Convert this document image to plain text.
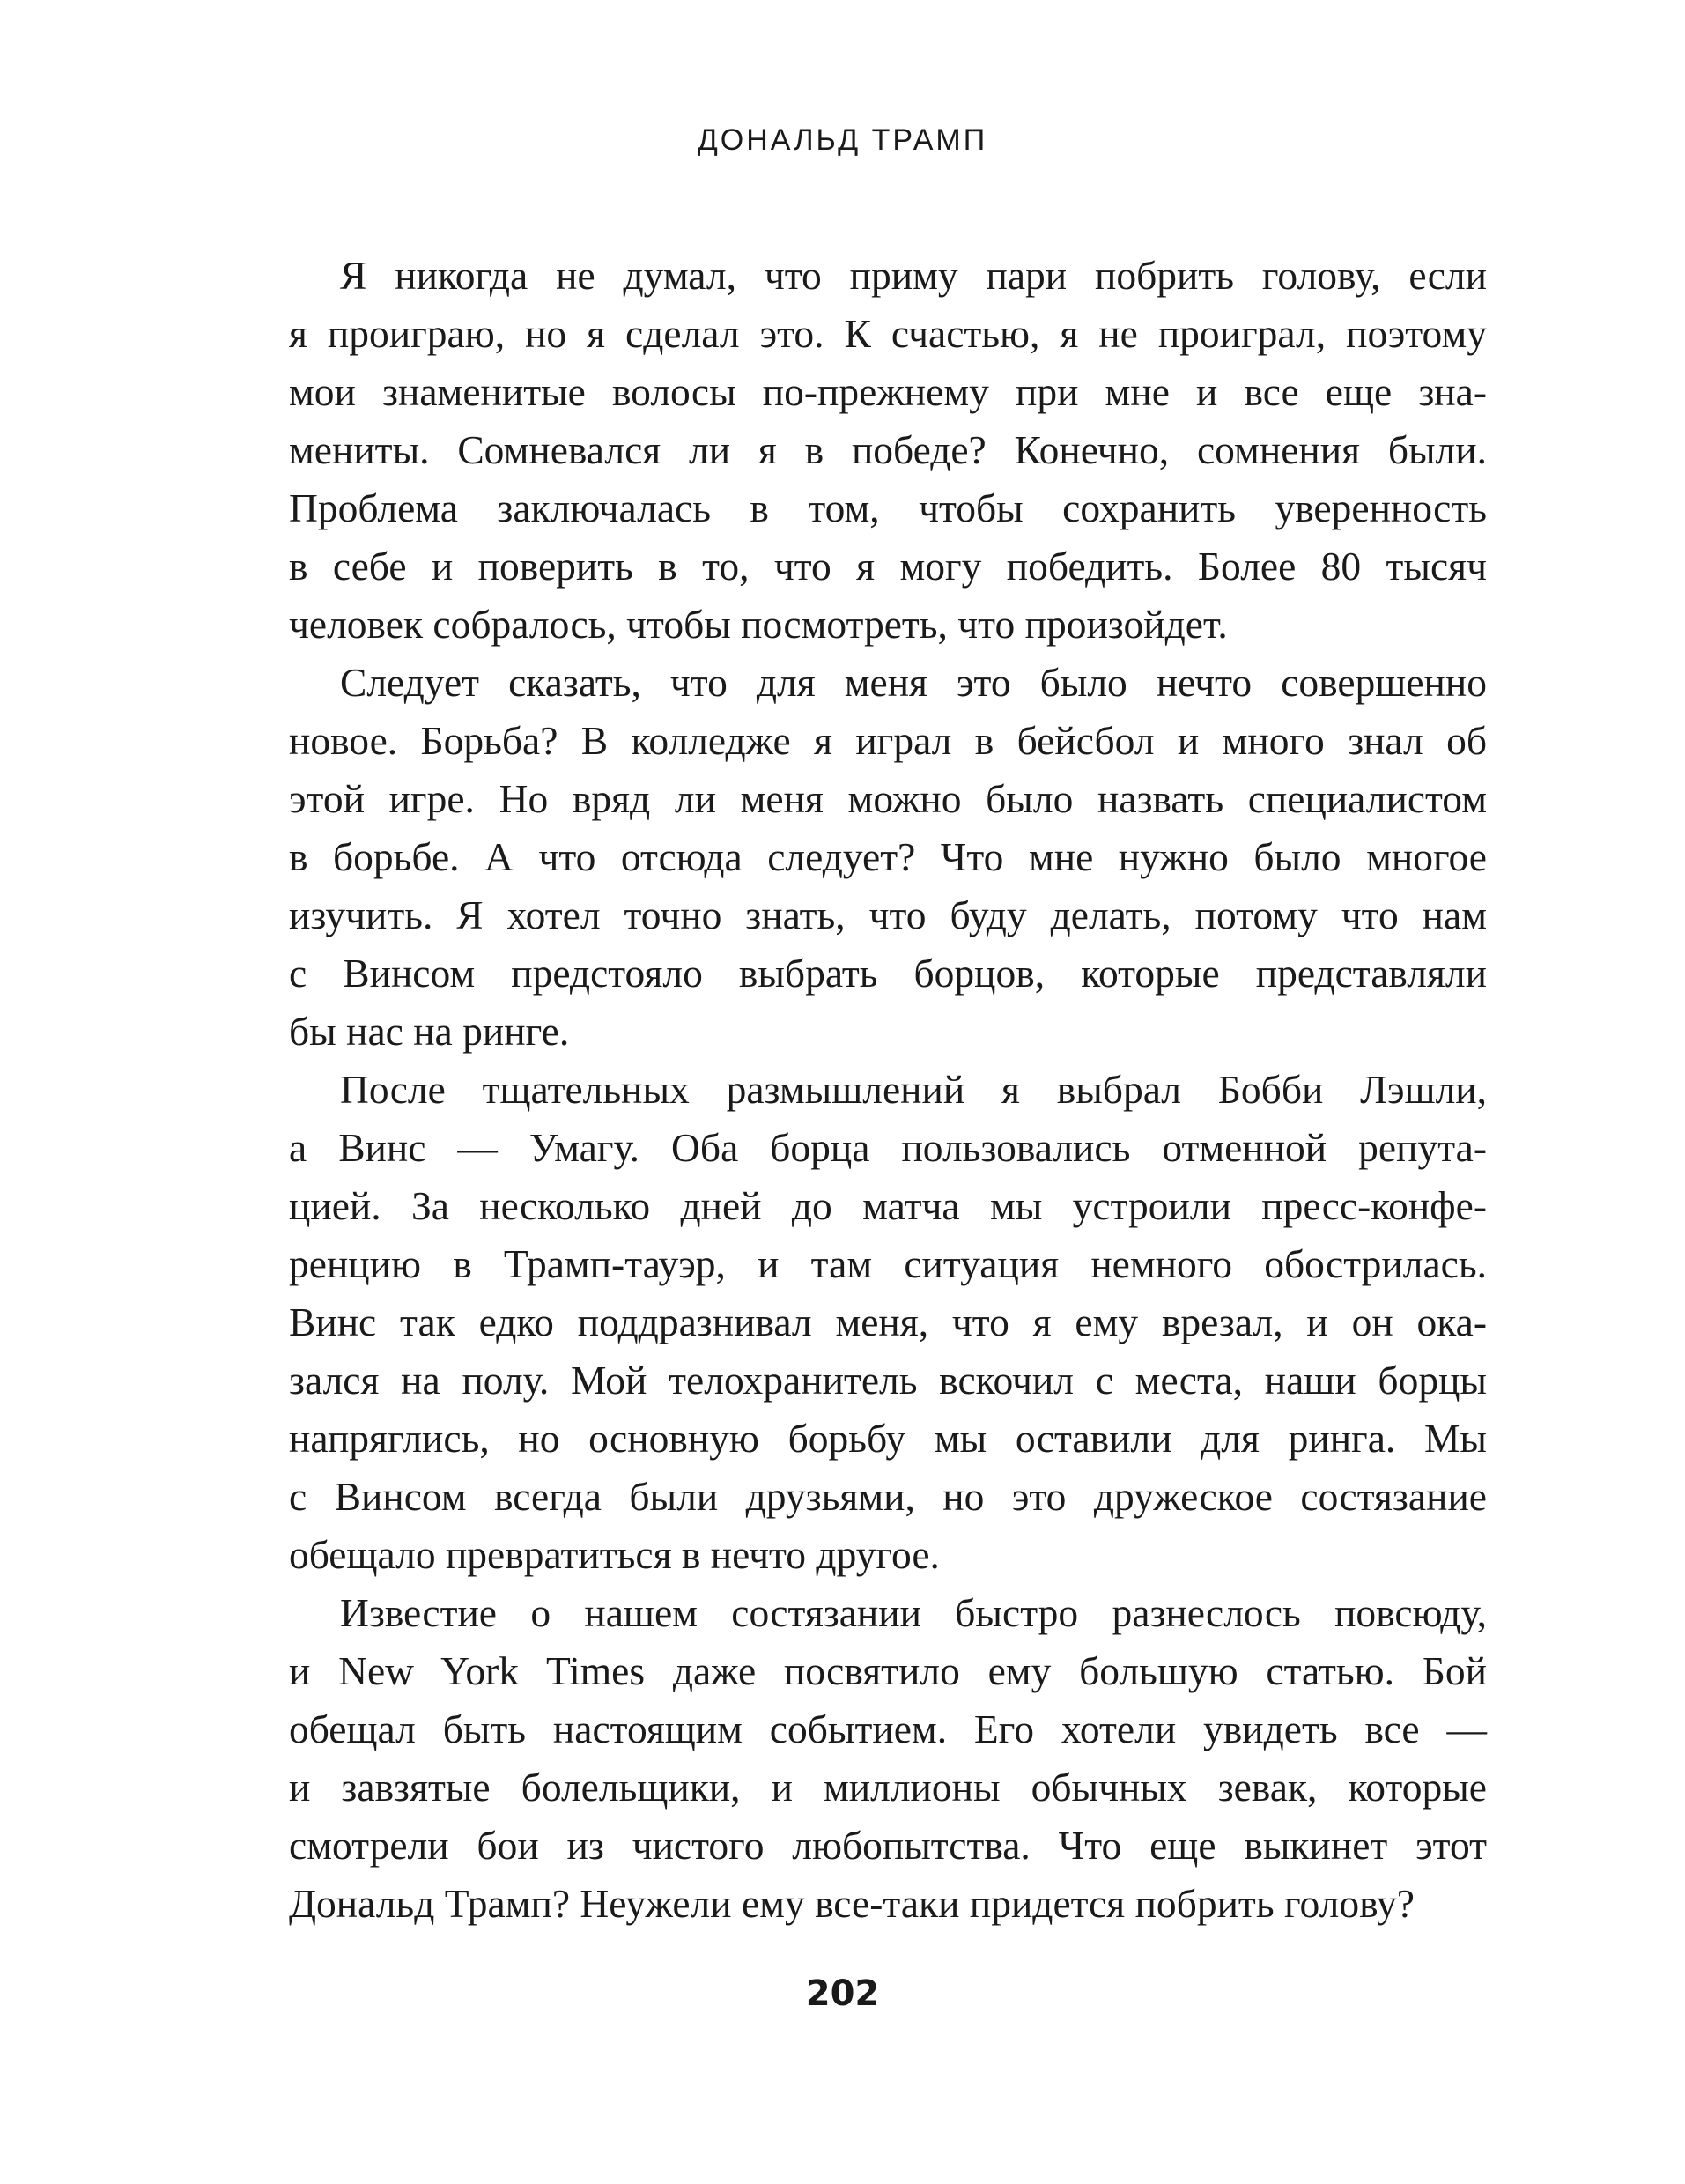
ДОНАЛЬД ТРАМП
Я никогда не думал, что приму пари побрить голову, если
я проиграю, но я сделал это. К счастью, я не проиграл, поэтому
мои знаменитые волосы по-прежнему при мне и все еще зна-
мениты. Сомневался ли я в победе? Конечно, сомнения были.
Проблема заключалась в том, чтобы сохранить уверенность
в себе и поверить в то, что я могу победить. Более 80 тысяч
человек собралось, чтобы посмотреть, что произойдет.
Следует сказать, что для меня это было нечто совершенно
новое. Борьба? В колледже я играл в бейсбол и много знал об
этой игре. Но вряд ли меня можно было назвать специалистом
в борьбе. А что отсюда следует? Что мне нужно было многое
изучить. Я хотел точно знать, что буду делать, потому что нам
с Винсом предстояло выбрать борцов, которые представляли
бы нас на ринге.
После тщательных размышлений я выбрал Бобби Лэшли,
а Винс — Умагу. Оба борца пользовались отменной репута-
цией. За несколько дней до матча мы устроили пресс-конфе-
ренцию в Трамп-тауэр, и там ситуация немного обострилась.
Винс так едко поддразнивал меня, что я ему врезал, и он ока-
зался на полу. Мой телохранитель вскочил с места, наши борцы
напряглись, но основную борьбу мы оставили для ринга. Мы
с Винсом всегда были друзьями, но это дружеское состязание
обещало превратиться в нечто другое.
Известие о нашем состязании быстро разнеслось повсюду,
и New York Times даже посвятило ему большую статью. Бой
обещал быть настоящим событием. Его хотели увидеть все —
и завзятые болельщики, и миллионы обычных зевак, которые
смотрели бои из чистого любопытства. Что еще выкинет этот
Дональд Трамп? Неужели ему все-таки придется побрить голову?
202
